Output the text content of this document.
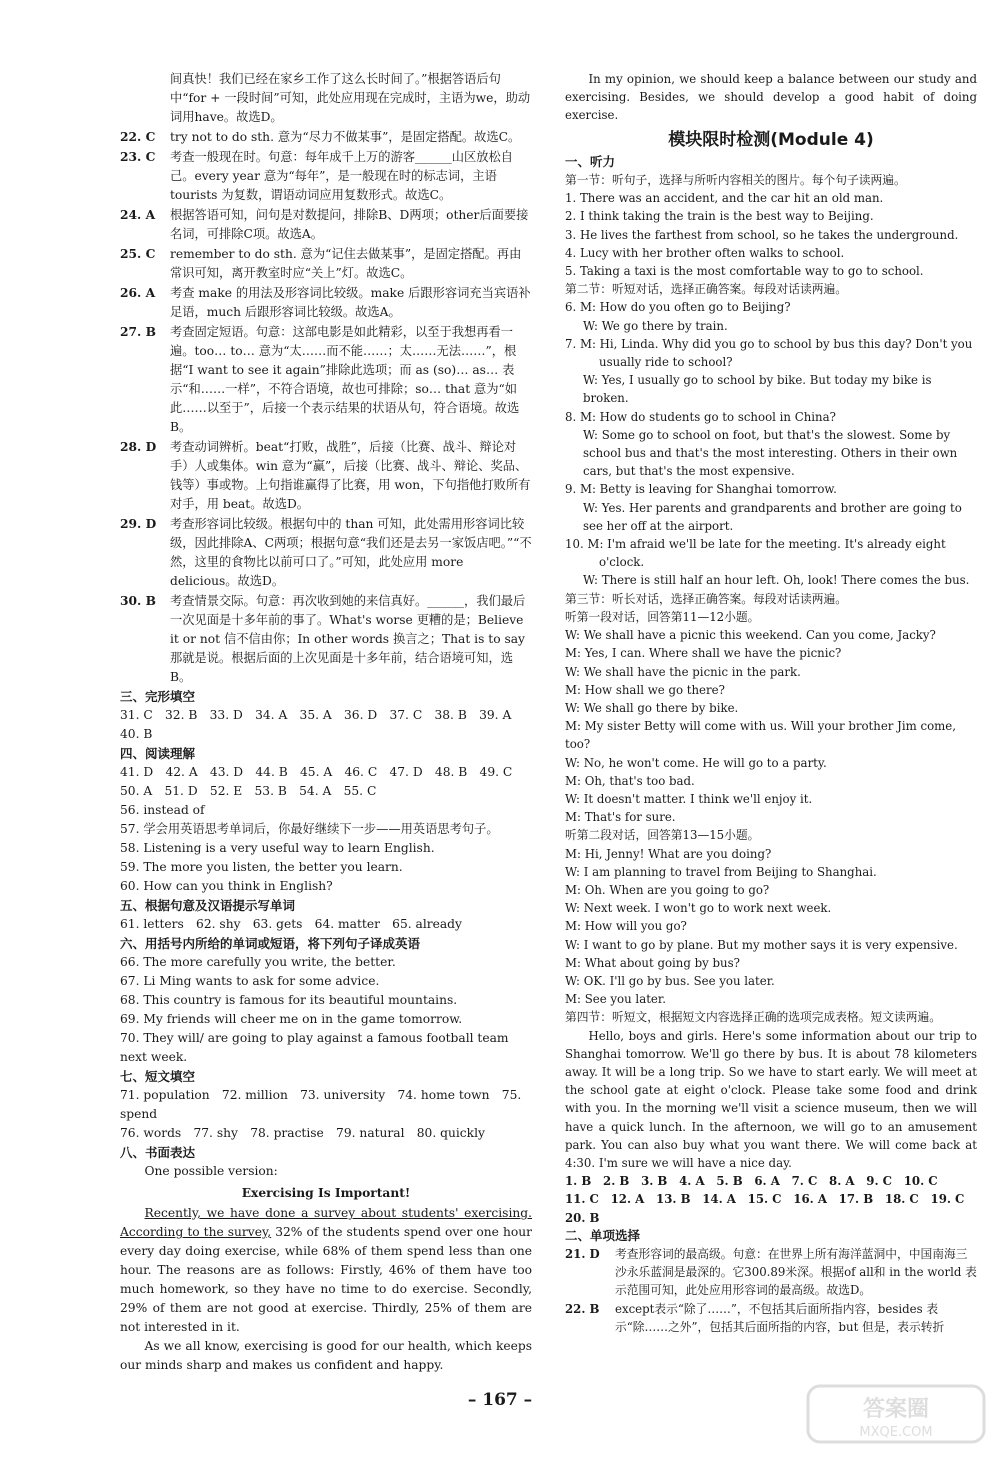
间真快！我们已经在家乡工作了这么长时间了。”根据答语后句中“for + 一段时间”可知，此处应用现在完成时，主语为we，助动词用have。故选D。

22. C try not to do sth. 意为“尽力不做某事”，是固定搭配。故选C。
23. C 考查一般现在时。句意：每年成千上万的游客______山区放松自己。every year 意为“每年”，是一般现在时的标志词，主语 tourists 为复数，谓语动词应用复数形式。故选C。
24. A 根据答语可知，问句是对数提问，排除B、D两项；other后面要接名词，可排除C项。故选A。
25. C remember to do sth. 意为“记住去做某事”，是固定搭配。再由常识可知，离开教室时应“关上”灯。故选C。
26. A 考查 make 的用法及形容词比较级。make 后跟形容词充当宾语补足语，much 后跟形容词比较级。故选A。
27. B 考查固定短语。句意：这部电影是如此精彩，以至于我想再看一遍。too… to… 意为“太……而不能……；太……无法……”，根据“I want to see it again”排除此选项；而 as (so)… as… 表示“和……一样”，不符合语境，故也可排除；so… that 意为“如此……以至于”，后接一个表示结果的状语从句，符合语境。故选B。
28. D 考查动词辨析。beat“打败，战胜”，后接（比赛、战斗、辩论对手）人或集体。win 意为“赢”，后接（比赛、战斗、辩论、奖品、钱等）事或物。上句指谁赢得了比赛，用 won，下句指他打败所有对手，用 beat。故选D。
29. D 考查形容词比较级。根据句中的 than 可知，此处需用形容词比较级，因此排除A、C两项；根据句意“我们还是去另一家饭店吧。”“不然，这里的食物比以前可口了。”可知，此处应用 more delicious。故选D。
30. B 考查情景交际。句意：再次收到她的来信真好。______，我们最后一次见面是十多年前的事了。What's worse 更糟的是；Believe it or not 信不信由你；In other words 换言之；That is to say 那就是说。根据后面的上次见面是十多年前，结合语境可知，选B。
三、完形填空
31. C　32. B　33. D　34. A　35. A　36. D　37. C　38. B　39. A
40. B
四、阅读理解
41. D　42. A　43. D　44. B　45. A　46. C　47. D　48. B　49. C
50. A　51. D　52. E　53. B　54. A　55. C
56. instead of
57. 学会用英语思考单词后，你最好继续下一步——用英语思考句子。
58. Listening is a very useful way to learn English.
59. The more you listen, the better you learn.
60. How can you think in English?
五、根据句意及汉语提示写单词
61. letters　62. shy　63. gets　64. matter　65. already
六、用括号内所给的单词或短语，将下列句子译成英语
66. The more carefully you write, the better.
67. Li Ming wants to ask for some advice.
68. This country is famous for its beautiful mountains.
69. My friends will cheer me on in the game tomorrow.
70. They will/ are going to play against a famous football team next week.
七、短文填空
71. population　72. million　73. university　74. home town　75. spend
76. words　77. shy　78. practise　79. natural　80. quickly
八、书面表达
One possible version:
Exercising Is Important!

Recently, we have done a survey about students' exercising. According to the survey, 32% of the students spend over one hour every day doing exercise, while 68% of them spend less than one hour. The reasons are as follows: Firstly, 46% of them have too much homework, so they have no time to do exercise. Secondly, 29% of them are not good at exercise. Thirdly, 25% of them are not interested in it.

As we all know, exercising is good for our health, which keeps our minds sharp and makes us confident and happy.

In my opinion, we should keep a balance between our study and exercising. Besides, we should develop a good habit of doing exercise.

模块限时检测(Module 4)
一、听力
第一节：听句子，选择与所听内容相关的图片。每个句子读两遍。
1. There was an accident, and the car hit an old man.
2. I think taking the train is the best way to Beijing.
3. He lives the farthest from school, so he takes the underground.
4. Lucy with her brother often walks to school.
5. Taking a taxi is the most comfortable way to go to school.
第二节：听短对话，选择正确答案。每段对话读两遍。
6. M: How do you often go to Beijing?
W: We go there by train.
7. M: Hi, Linda. Why did you go to school by bus this day? Don't you usually ride to school?
W: Yes, I usually go to school by bike. But today my bike is broken.
8. M: How do students go to school in China?
W: Some go to school on foot, but that's the slowest. Some by school bus and that's the most interesting. Others in their own cars, but that's the most expensive.
9. M: Betty is leaving for Shanghai tomorrow.
W: Yes. Her parents and grandparents and brother are going to see her off at the airport.
10. M: I'm afraid we'll be late for the meeting. It's already eight o'clock.
W: There is still half an hour left. Oh, look! There comes the bus.
第三节：听长对话，选择正确答案。每段对话读两遍。
听第一段对话，回答第11—12小题。
W: We shall have a picnic this weekend. Can you come, Jacky?
M: Yes, I can. Where shall we have the picnic?
W: We shall have the picnic in the park.
M: How shall we go there?
W: We shall go there by bike.
M: My sister Betty will come with us. Will your brother Jim come, too?
W: No, he won't come. He will go to a party.
M: Oh, that's too bad.
W: It doesn't matter. I think we'll enjoy it.
M: That's for sure.
听第二段对话，回答第13—15小题。
M: Hi, Jenny! What are you doing?
W: I am planning to travel from Beijing to Shanghai.
M: Oh. When are you going to go?
W: Next week. I won't go to work next week.
M: How will you go?
W: I want to go by plane. But my mother says it is very expensive.
M: What about going by bus?
W: OK. I'll go by bus. See you later.
M: See you later.
第四节：听短文，根据短文内容选择正确的选项完成表格。短文读两遍。

Hello, boys and girls. Here's some information about our trip to Shanghai tomorrow. We'll go there by bus. It is about 78 kilometers away. It will be a long trip. So we have to start early. We will meet at the school gate at eight o'clock. Please take some food and drink with you. In the morning we'll visit a science museum, then we will have a quick lunch. In the afternoon, we will go to an amusement park. You can also buy what you want there. We will come back at 4:30. I'm sure we will have a nice day.

1. B　2. B　3. B　4. A　5. B　6. A　7. C　8. A　9. C　10. C
11. C　12. A　13. B　14. A　15. C　16. A　17. B　18. C　19. C
20. B
二、单项选择
21. D 考查形容词的最高级。句意：在世界上所有海洋蓝洞中，中国南海三沙永乐蓝洞是最深的。它300.89米深。根据of all和 in the world 表示范围可知，此处应用形容词的最高级。故选D。
22. B except表示“除了……”，不包括其后面所指内容，besides 表示“除……之外”，包括其后面所指的内容，but 但是，表示转折
– 167 –	答案圈
MXQE.COM
